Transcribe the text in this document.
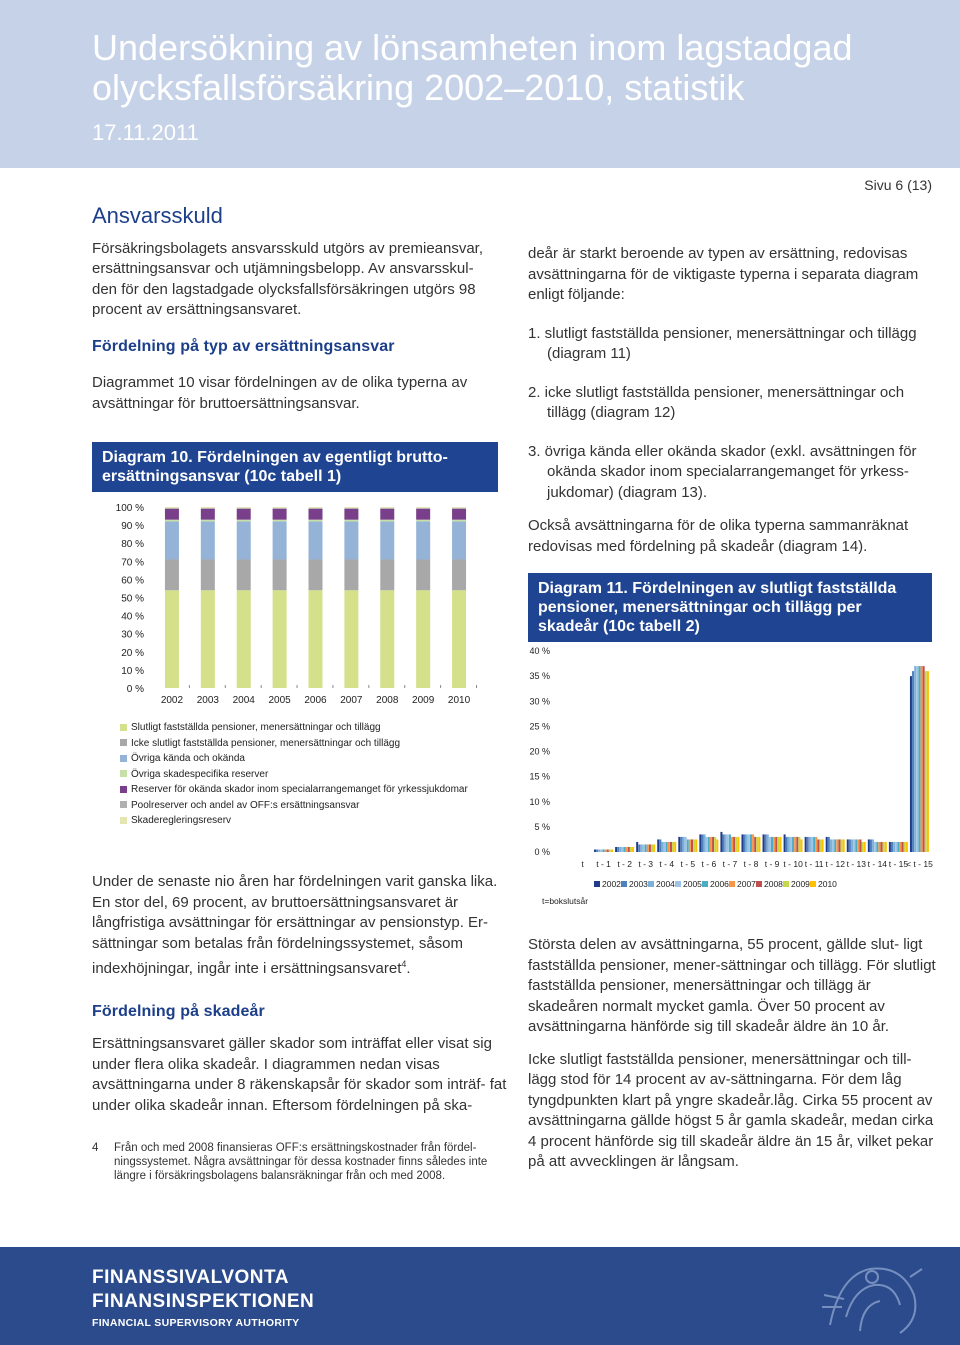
Undersökning av lönsamheten inom lagstadgad
olycksfallsförsäkring 2002–2010, statistik
17.11.2011
Sivu 6 (13)
Ansvarsskuld

Försäkringsbolagets ansvarsskuld utgörs av premieansvar, ersättningsansvar och utjämningsbelopp. Av ansvarsskul- den för den lagstadgade olycksfallsförsäkringen utgörs 98 procent av ersättningsansvaret.

Fördelning på typ av ersättningsansvar

Diagrammet 10 visar fördelningen av de olika typerna av avsättningar för bruttoersättningsansvar.

Diagram 10. Fördelningen av egentligt brutto-
ersättningsansvar (10c tabell 1)
0 %
10 %
20 %
30 %
40 %
50 %
60 %
70 %
80 %
90 %
100 %
2002 2003 2004 2005 2006 2007 2008 2009 2010
Slutligt fastställda pensioner, menersättningar och tillägg
Icke slutligt fastställda pensioner, menersättningar och tillägg
Övriga kända och okända
Övriga skadespecifika reserver
Reserver för okända skador inom specialarrangemanget för yrkessjukdomar
Poolreserver och andel av OFF:s ersättningsansvar
Skaderegleringsreserv

Under de senaste nio åren har fördelningen varit ganska lika. En stor del, 69 procent, av bruttoersättningsansvaret är långfristiga avsättningar för ersättningar av pensionstyp. Er-sättningar som betalas från fördelningssystemet, såsom indexhöjningar, ingår inte i ersättningsansvaret$^4$.

Fördelning på skadeår

Ersättningsansvaret gäller skador som inträffat eller visat sig under flera olika skadeår. I diagrammen nedan visas avsättningarna under 8 räkenskapsår för skador som inträf- fat under olika skadeår innan. Eftersom fördelningen på ska-

4 Från och med 2008 finansieras OFF:s ersättningskostnader från fördel-
ningssystemet. Några avsättningar för dessa kostnader finns således inte
längre i försäkringsbolagens balansräkningar från och med 2008.

deår är starkt beroende av typen av ersättning, redovisas avsättningarna för de viktigaste typerna i separata diagram enligt följande:

1. slutligt fastställda pensioner, menersättningar och tillägg (diagram 11)

2. icke slutligt fastställda pensioner, menersättningar och tillägg (diagram 12)

3. övriga kända eller okända skador (exkl. avsättningen för okända skador inom specialarrangemanget för yrkess- jukdomar) (diagram 13).

Också avsättningarna för de olika typerna sammanräknat redovisas med fördelning på skadeår (diagram 14).

Diagram 11. Fördelningen av slutligt fastställda
pensioner, menersättningar och tillägg per
skadeår (10c tabell 2)
0 %
5 %
10 %
15 %
20 %
25 %
30 %
35 %
40 %
t t - 1 t - 2 t - 3 t - 4 t - 5 t - 6 t - 7 t - 8 t - 9 t - 10 t - 11 t - 12 t - 13 t - 14 t - 15
< t - 15
t=bokslutsår
2002 2003 2004 2005 2006 2007 2008 2009 2010

Största delen av avsättningarna, 55 procent, gällde slut- ligt fastställda pensioner, mener-sättningar och tillägg. För slutligt fastställda pensioner, menersättningar och tillägg är skadeåren normalt mycket gamla. Över 50 procent av avsättningarna hänförde sig till skadeår äldre än 10 år.

Icke slutligt fastställda pensioner, menersättningar och till- lägg stod för 14 procent av av-sättningarna. För dem låg tyngdpunkten klart på yngre skadeår.låg. Cirka 55 procent av avsättningarna gällde högst 5 år gamla skadeår, medan cirka 4 procent hänförde sig till skadeår äldre än 15 år, vilket pekar på att avvecklingen är långsam.

FINANSSIVALVONTA
FINANSINSPEKTIONEN
FINANCIAL SUPERVISORY AUTHORITY
